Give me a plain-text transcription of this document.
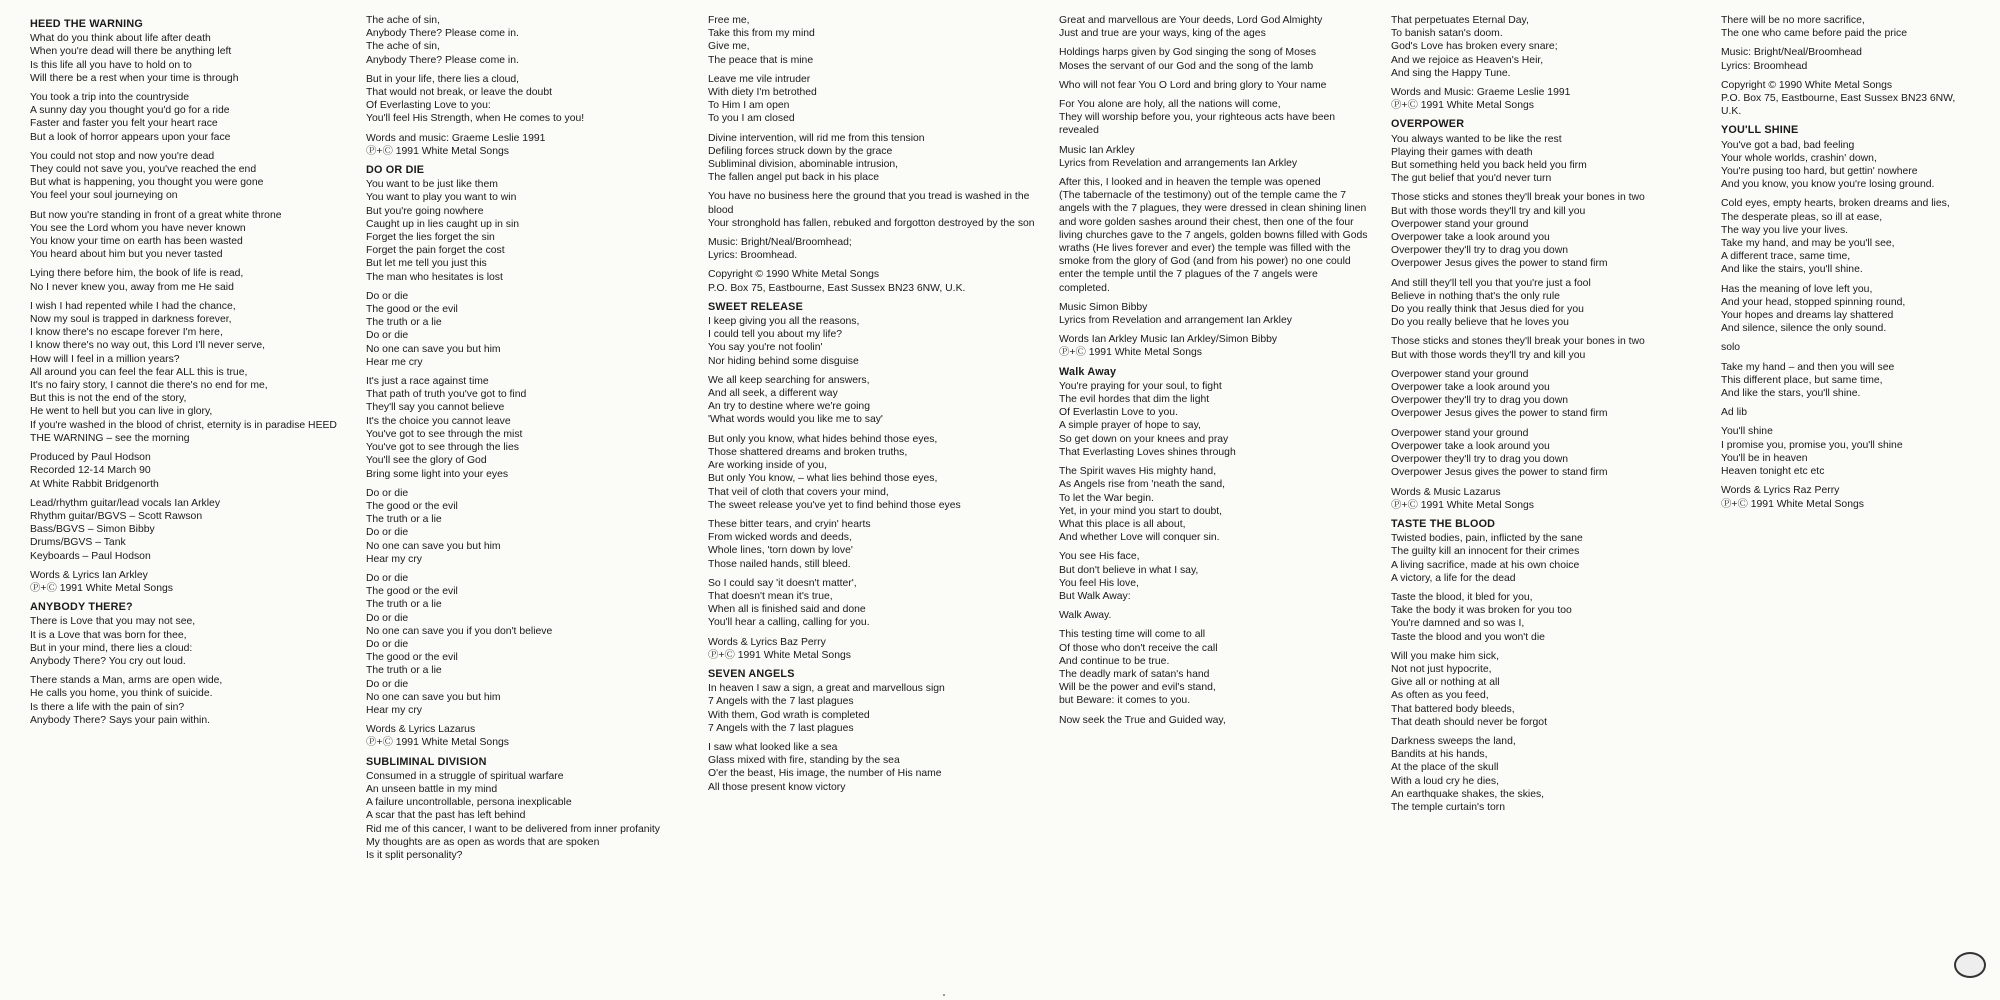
HEED THE WARNING
What do you think about life after death
When you're dead will there be anything left
Is this life all you have to hold on to
Will there be a rest when your time is through
You took a trip into the countryside
A sunny day you thought you'd go for a ride
Faster and faster you felt your heart race
But a look of horror appears upon your face
You could not stop and now you're dead
They could not save you, you've reached the end
But what is happening, you thought you were gone
You feel your soul journeying on
But now you're standing in front of a great white throne
You see the Lord whom you have never known
You know your time on earth has been wasted
You heard about him but you never tasted
Lying there before him, the book of life is read,
No I never knew you, away from me He said
I wish I had repented while I had the chance,
Now my soul is trapped in darkness forever,
I know there's no escape forever I'm here,
I know there's no way out, this Lord I'll never serve,
How will I feel in a million years?
All around you can feel the fear ALL this is true,
It's no fairy story, I cannot die there's no end for me,
But this is not the end of the story,
He went to hell but you can live in glory,
If you're washed in the blood of christ, eternity is in paradise HEED THE WARNING – see the morning
Produced by Paul Hodson
Recorded 12-14 March 90
At White Rabbit Bridgenorth
Lead/rhythm guitar/lead vocals Ian Arkley
Rhythm guitar/BGVS – Scott Rawson
Bass/BGVS – Simon Bibby
Drums/BGVS – Tank
Keyboards – Paul Hodson
Words & Lyrics Ian Arkley
Ⓟ+Ⓒ 1991 White Metal Songs
ANYBODY THERE?
There is Love that you may not see,
It is a Love that was born for thee,
But in your mind, there lies a cloud:
Anybody There? You cry out loud.
There stands a Man, arms are open wide,
He calls you home, you think of suicide.
Is there a life with the pain of sin?
Anybody There? Says your pain within.
The ache of sin,
Anybody There? Please come in.
The ache of sin,
Anybody There? Please come in.
But in your life, there lies a cloud,
That would not break, or leave the doubt
Of Everlasting Love to you:
You'll feel His Strength, when He comes to you!
Words and music: Graeme Leslie 1991
Ⓟ+Ⓒ 1991 White Metal Songs
DO OR DIE
You want to be just like them
You want to play you want to win
But you're going nowhere
Caught up in lies caught up in sin
Forget the lies forget the sin
Forget the pain forget the cost
But let me tell you just this
The man who hesitates is lost
Do or die
The good or the evil
The truth or a lie
Do or die
No one can save you but him
Hear me cry
It's just a race against time
That path of truth you've got to find
They'll say you cannot believe
It's the choice you cannot leave
You've got to see through the mist
You've got to see through the lies
You'll see the glory of God
Bring some light into your eyes
Do or die
The good or the evil
The truth or a lie
Do or die
No one can save you but him
Hear my cry
Do or die
The good or the evil
The truth or a lie
Do or die
No one can save you if you don't believe
Do or die
The good or the evil
The truth or a lie
Do or die
No one can save you but him
Hear my cry
Words & Lyrics Lazarus
Ⓟ+Ⓒ 1991 White Metal Songs
SUBLIMINAL DIVISION
Consumed in a struggle of spiritual warfare
An unseen battle in my mind
A failure uncontrollable, persona inexplicable
A scar that the past has left behind
Rid me of this cancer, I want to be delivered from inner profanity
My thoughts are as open as words that are spoken
Is it split personality?
Free me,
Take this from my mind
Give me,
The peace that is mine
Leave me vile intruder
With diety I'm betrothed
To Him I am open
To you I am closed
Divine intervention, will rid me from this tension
Defiling forces struck down by the grace
Subliminal division, abominable intrusion,
The fallen angel put back in his place
You have no business here the ground that you tread is washed in the blood
Your stronghold has fallen, rebuked and forgotton destroyed by the son
Music: Bright/Neal/Broomhead;
Lyrics: Broomhead.
Copyright © 1990 White Metal Songs
P.O. Box 75, Eastbourne, East Sussex BN23 6NW, U.K.
SWEET RELEASE
I keep giving you all the reasons,
I could tell you about my life?
You say you're not foolin'
Nor hiding behind some disguise
We all keep searching for answers,
And all seek, a different way
An try to destine where we're going
'What words would you like me to say'
But only you know, what hides behind those eyes,
Those shattered dreams and broken truths,
Are working inside of you,
But only You know, – what lies behind those eyes,
That veil of cloth that covers your mind,
The sweet release you've yet to find behind those eyes
These bitter tears, and cryin' hearts
From wicked words and deeds,
Whole lines, 'torn down by love'
Those nailed hands, still bleed.
So I could say 'it doesn't matter',
That doesn't mean it's true,
When all is finished said and done
You'll hear a calling, calling for you.
Words & Lyrics Baz Perry
Ⓟ+Ⓒ 1991 White Metal Songs
SEVEN ANGELS
In heaven I saw a sign, a great and marvellous sign
7 Angels with the 7 last plagues
With them, God wrath is completed
7 Angels with the 7 last plagues
I saw what looked like a sea
Glass mixed with fire, standing by the sea
O'er the beast, His image, the number of His name
All those present know victory
Great and marvellous are Your deeds, Lord God Almighty
Just and true are your ways, king of the ages
Holdings harps given by God singing the song of Moses
Moses the servant of our God and the song of the lamb
Who will not fear You O Lord and bring glory to Your name
For You alone are holy, all the nations will come,
They will worship before you, your righteous acts have been revealed
Music Ian Arkley
Lyrics from Revelation and arrangements Ian Arkley
After this, I looked and in heaven the temple was opened
(The tabernacle of the testimony) out of the temple came the 7 angels with the 7 plagues, they were dressed in clean shining linen and wore golden sashes around their chest, then one of the four living churches gave to the 7 angels, golden bowns filled with Gods wraths (He lives forever and ever) the temple was filled with the smoke from the glory of God (and from his power) no one could enter the temple until the 7 plagues of the 7 angels were completed.
Music Simon Bibby
Lyrics from Revelation and arrangement Ian Arkley
Words Ian Arkley Music Ian Arkley/Simon Bibby
Ⓟ+Ⓒ 1991 White Metal Songs
Walk Away
You're praying for your soul, to fight
The evil hordes that dim the light
Of Everlastin Love to you.
A simple prayer of hope to say,
So get down on your knees and pray
That Everlasting Loves shines through
The Spirit waves His mighty hand,
As Angels rise from 'neath the sand,
To let the War begin.
Yet, in your mind you start to doubt,
What this place is all about,
And whether Love will conquer sin.
You see His face,
But don't believe in what I say,
You feel His love,
But Walk Away:
Walk Away.
This testing time will come to all
Of those who don't receive the call
And continue to be true.
The deadly mark of satan's hand
Will be the power and evil's stand,
but Beware: it comes to you.
Now seek the True and Guided way,
That perpetuates Eternal Day,
To banish satan's doom.
God's Love has broken every snare;
And we rejoice as Heaven's Heir,
And sing the Happy Tune.
Words and Music: Graeme Leslie 1991
Ⓟ+Ⓒ 1991 White Metal Songs
OVERPOWER
You always wanted to be like the rest
Playing their games with death
But something held you back held you firm
The gut belief that you'd never turn
Those sticks and stones they'll break your bones in two
But with those words they'll try and kill you
Overpower stand your ground
Overpower take a look around you
Overpower they'll try to drag you down
Overpower Jesus gives the power to stand firm
And still they'll tell you that you're just a fool
Believe in nothing that's the only rule
Do you really think that Jesus died for you
Do you really believe that he loves you
Those sticks and stones they'll break your bones in two
But with those words they'll try and kill you
Overpower stand your ground
Overpower take a look around you
Overpower they'll try to drag you down
Overpower Jesus gives the power to stand firm
Overpower stand your ground
Overpower take a look around you
Overpower they'll try to drag you down
Overpower Jesus gives the power to stand firm
Words & Music Lazarus
Ⓟ+Ⓒ 1991 White Metal Songs
TASTE THE BLOOD
Twisted bodies, pain, inflicted by the sane
The guilty kill an innocent for their crimes
A living sacrifice, made at his own choice
A victory, a life for the dead
Taste the blood, it bled for you,
Take the body it was broken for you too
You're damned and so was I,
Taste the blood and you won't die
Will you make him sick,
Not not just hypocrite,
Give all or nothing at all
As often as you feed,
That battered body bleeds,
That death should never be forgot
Darkness sweeps the land,
Bandits at his hands,
At the place of the skull
With a loud cry he dies,
An earthquake shakes, the skies,
The temple curtain's torn
There will be no more sacrifice,
The one who came before paid the price
Music: Bright/Neal/Broomhead
Lyrics: Broomhead
Copyright © 1990 White Metal Songs
P.O. Box 75, Eastbourne, East Sussex BN23 6NW, U.K.
YOU'LL SHINE
You've got a bad, bad feeling
Your whole worlds, crashin' down,
You're pusing too hard, but gettin' nowhere
And you know, you know you're losing ground.
Cold eyes, empty hearts, broken dreams and lies,
The desperate pleas, so ill at ease,
The way you live your lives.
Take my hand, and may be you'll see,
A different trace, same time,
And like the stairs, you'll shine.
Has the meaning of love left you,
And your head, stopped spinning round,
Your hopes and dreams lay shattered
And silence, silence the only sound.
solo
Take my hand – and then you will see
This different place, but same time,
And like the stars, you'll shine.
Ad lib
You'll shine
I promise you, promise you, you'll shine
You'll be in heaven
Heaven tonight etc etc
Words & Lyrics Raz Perry
Ⓟ+Ⓒ 1991 White Metal Songs
